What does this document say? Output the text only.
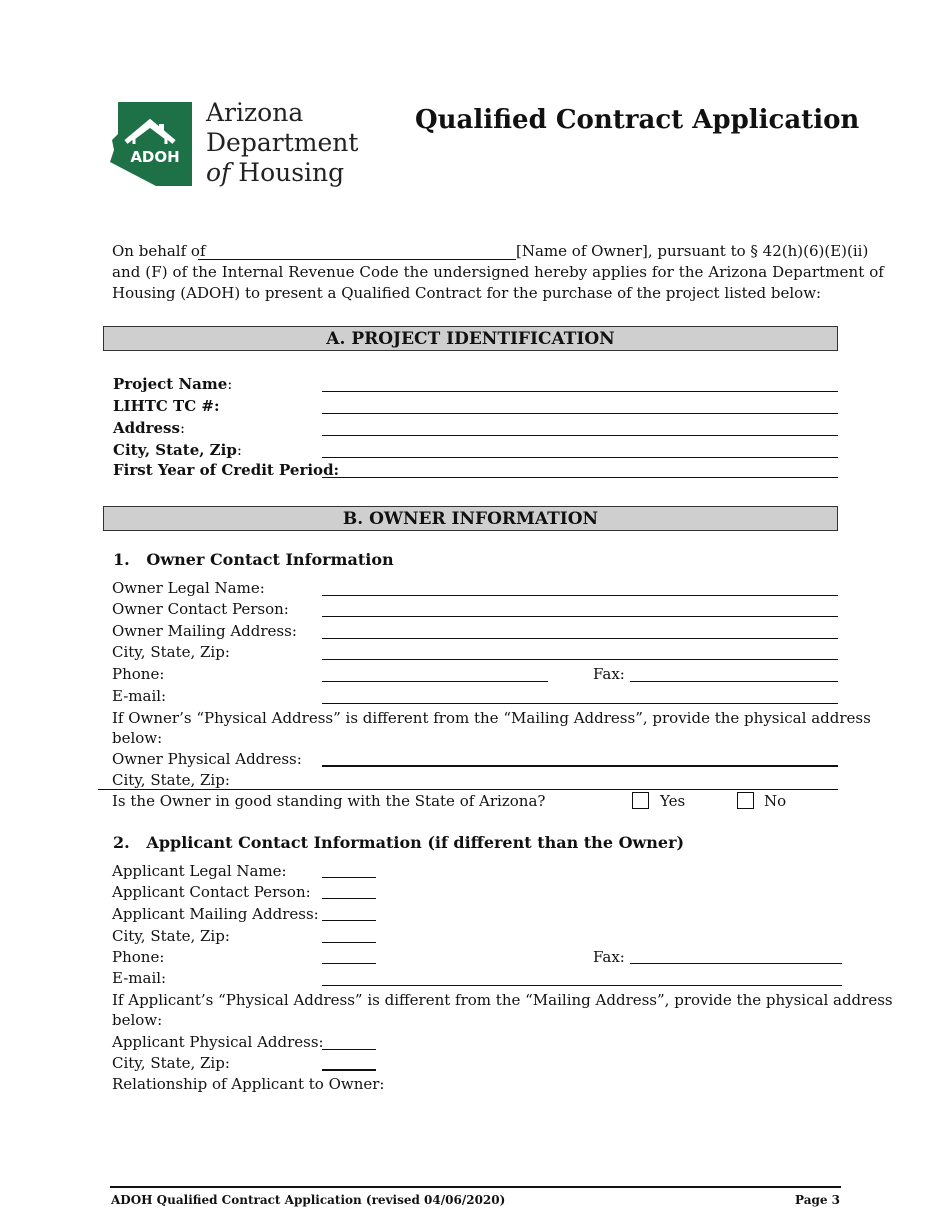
ADOH
Arizona
Department
of Housing
Qualified Contract Application
On behalf of	[Name of Owner], pursuant to § 42(h)(6)(E)(ii)
and (F) of the Internal Revenue Code the undersigned hereby applies for the Arizona Department of
Housing (ADOH) to present a Qualified Contract for the purchase of the project listed below:
A. PROJECT IDENTIFICATION
Project Name:
LIHTC TC #:
Address:
City, State, Zip:
First Year of Credit Period:
B. OWNER INFORMATION
1. Owner Contact Information
Owner Legal Name:
Owner Contact Person:
Owner Mailing Address:
City, State, Zip:
Phone:	Fax:
E-mail:
If Owner’s “Physical Address” is different from the “Mailing Address”, provide the physical address
below:
Owner Physical Address:
City, State, Zip:
Is the Owner in good standing with the State of Arizona?	Yes	No
2. Applicant Contact Information (if different than the Owner)
Applicant Legal Name:
Applicant Contact Person:
Applicant Mailing Address:
City, State, Zip:
Phone:	Fax:
E-mail:
If Applicant’s “Physical Address” is different from the “Mailing Address”, provide the physical address
below:
Applicant Physical Address:
City, State, Zip:
Relationship of Applicant to Owner:
ADOH Qualified Contract Application (revised 04/06/2020)	Page 3
